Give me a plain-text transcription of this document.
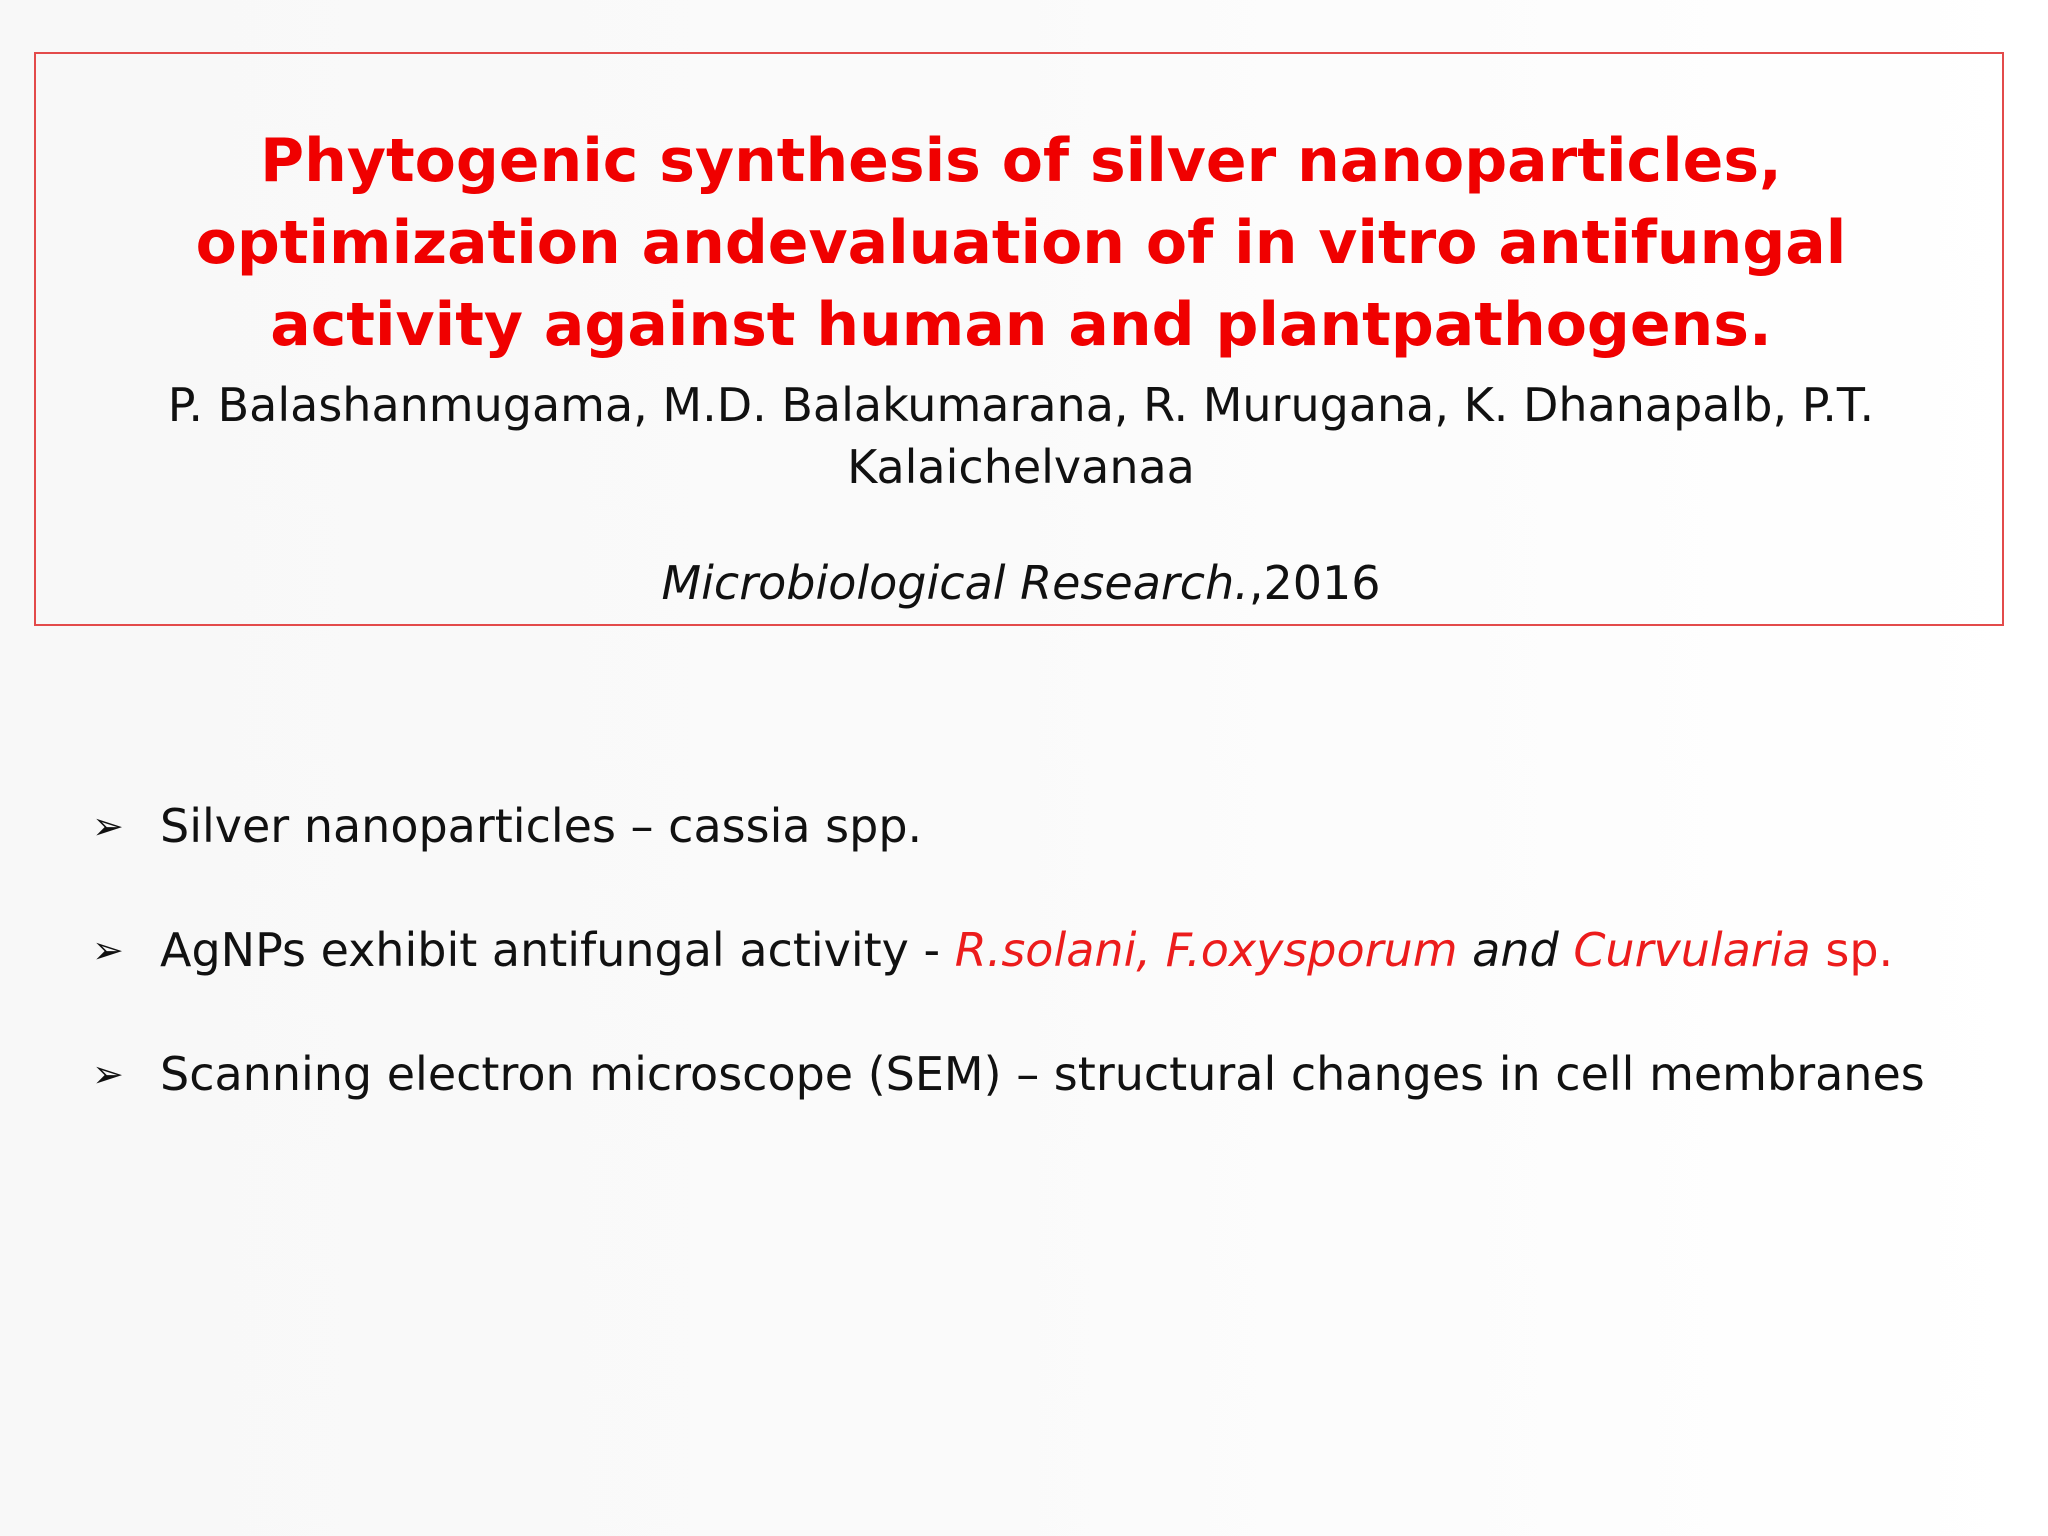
Phytogenic synthesis of silver nanoparticles, optimization andevaluation of in vitro antifungal activity against human and plantpathogens.
P. Balashanmugama, M.D. Balakumarana, R. Murugana, K. Dhanapalb, P.T. Kalaichelvanaa
Microbiological Research.,2016
➢ Silver nanoparticles – cassia spp.
➢ AgNPs exhibit antifungal activity - R.solani, F.oxysporum and Curvularia sp.
➢ Scanning electron microscope (SEM) – structural changes in cell membranes
